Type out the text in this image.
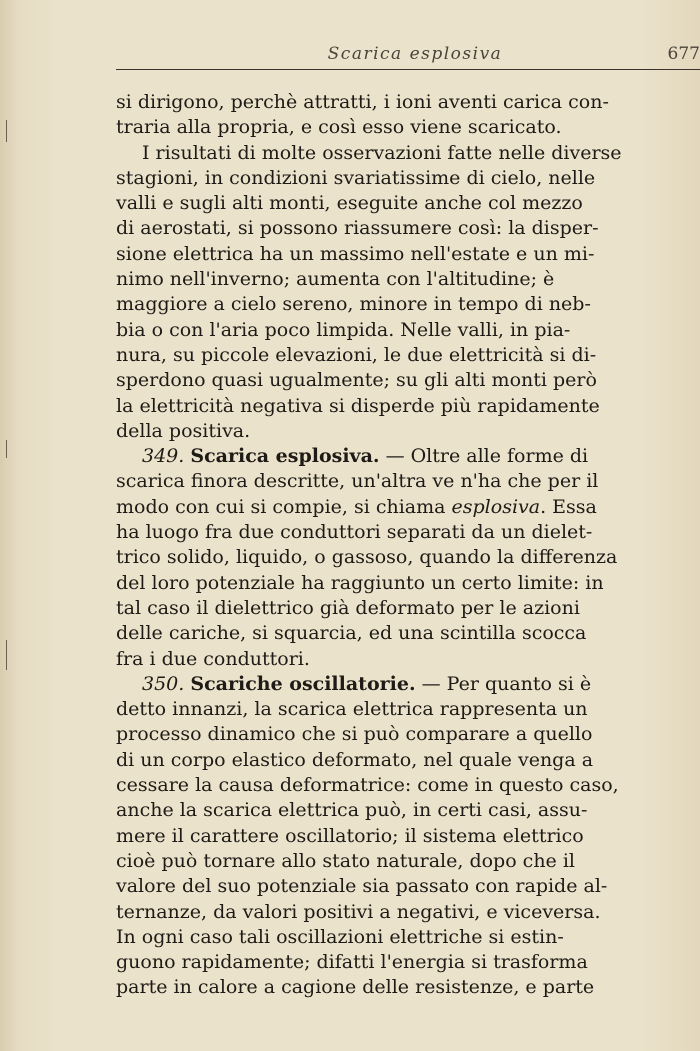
Scarica esplosiva	677
si dirigono, perchè attratti, i ioni aventi carica con-
traria alla propria, e così esso viene scaricato.
I risultati di molte osservazioni fatte nelle diverse
stagioni, in condizioni svariatissime di cielo, nelle
valli e sugli alti monti, eseguite anche col mezzo
di aerostati, si possono riassumere così: la disper-
sione elettrica ha un massimo nell'estate e un mi-
nimo nell'inverno; aumenta con l'altitudine; è
maggiore a cielo sereno, minore in tempo di neb-
bia o con l'aria poco limpida. Nelle valli, in pia-
nura, su piccole elevazioni, le due elettricità si di-
sperdono quasi ugualmente; su gli alti monti però
la elettricità negativa si disperde più rapidamente
della positiva.
349. Scarica esplosiva. — Oltre alle forme di
scarica finora descritte, un'altra ve n'ha che per il
modo con cui si compie, si chiama esplosiva. Essa
ha luogo fra due conduttori separati da un dielet-
trico solido, liquido, o gassoso, quando la differenza
del loro potenziale ha raggiunto un certo limite: in
tal caso il dielettrico già deformato per le azioni
delle cariche, si squarcia, ed una scintilla scocca
fra i due conduttori.
350. Scariche oscillatorie. — Per quanto si è
detto innanzi, la scarica elettrica rappresenta un
processo dinamico che si può comparare a quello
di un corpo elastico deformato, nel quale venga a
cessare la causa deformatrice: come in questo caso,
anche la scarica elettrica può, in certi casi, assu-
mere il carattere oscillatorio; il sistema elettrico
cioè può tornare allo stato naturale, dopo che il
valore del suo potenziale sia passato con rapide al-
ternanze, da valori positivi a negativi, e viceversa.
In ogni caso tali oscillazioni elettriche si estin-
guono rapidamente; difatti l'energia si trasforma
parte in calore a cagione delle resistenze, e parte
